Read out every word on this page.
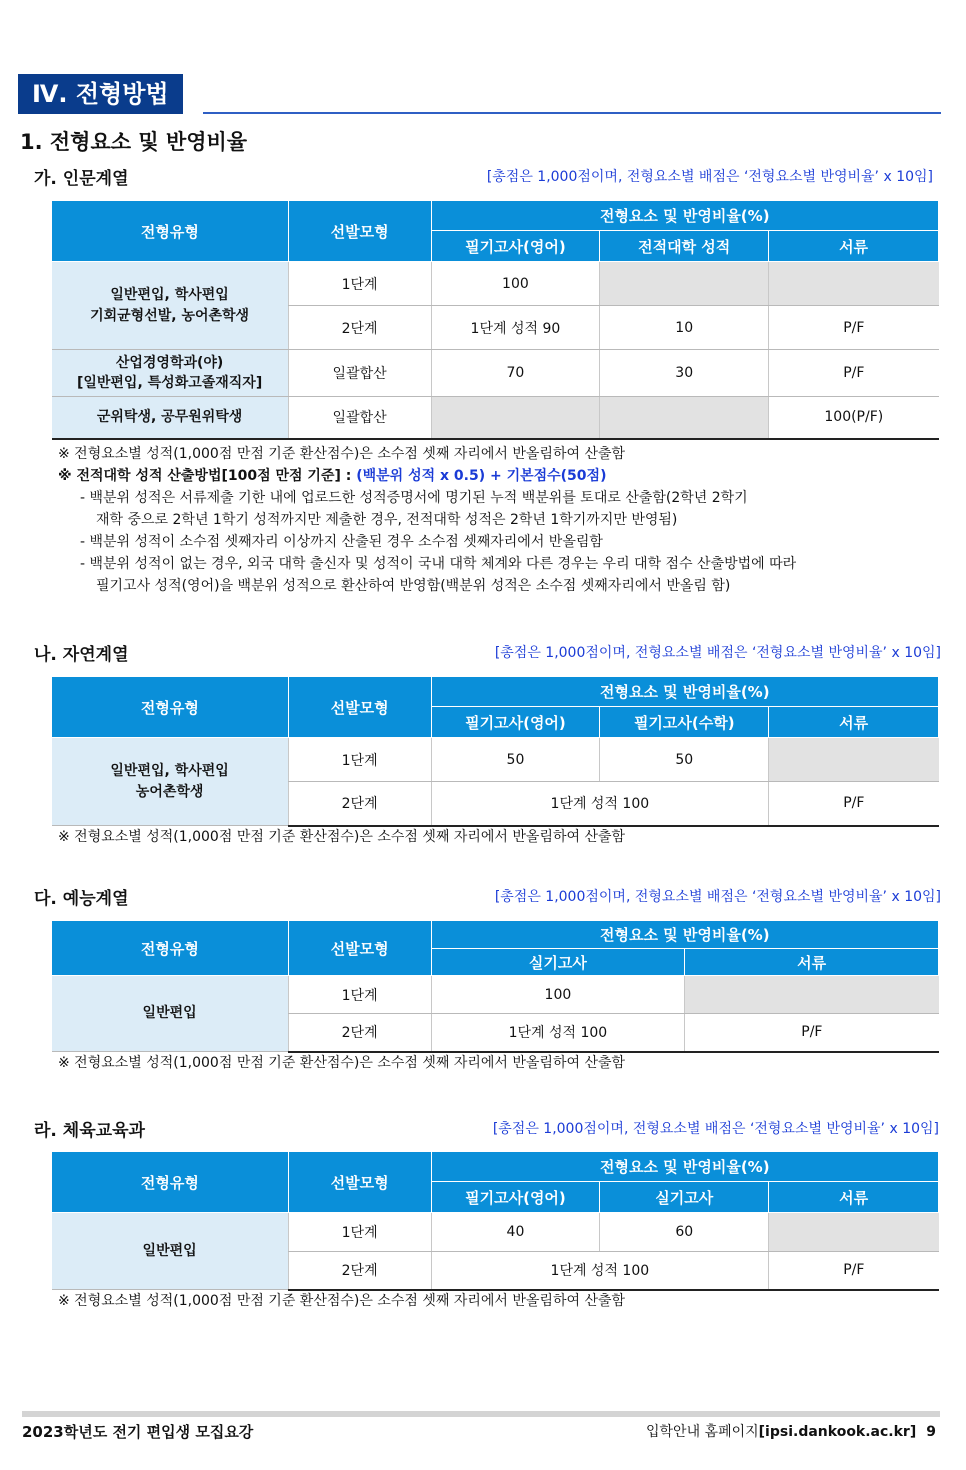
Ⅳ. 전형방법
1. 전형요소 및 반영비율
가. 인문계열	[총점은 1,000점이며, 전형요소별 배점은 ‘전형요소별 반영비율’ x 10임]
전형유형	선발모형	전형요소 및 반영비율(%)		
		필기고사(영어)	전적대학 성적	서류
일반편입, 학사편입
기회균형선발, 농어촌학생	1단계	100		
	2단계	1단계 성적 90	10	P/F
산업경영학과(야)
[일반편입, 특성화고졸재직자]	일괄합산	70	30	P/F
군위탁생, 공무원위탁생	일괄합산			100(P/F)
※ 전형요소별 성적(1,000점 만점 기준 환산점수)은 소수점 셋째 자리에서 반올림하여 산출함
※ 전적대학 성적 산출방법[100점 만점 기준] : (백분위 성적 x 0.5) + 기본점수(50점)
- 백분위 성적은 서류제출 기한 내에 업로드한 성적증명서에 명기된 누적 백분위를 토대로 산출함(2학년 2학기
재학 중으로 2학년 1학기 성적까지만 제출한 경우, 전적대학 성적은 2학년 1학기까지만 반영됨)
- 백분위 성적이 소수점 셋째자리 이상까지 산출된 경우 소수점 셋째자리에서 반올림함
- 백분위 성적이 없는 경우, 외국 대학 출신자 및 성적이 국내 대학 체계와 다른 경우는 우리 대학 점수 산출방법에 따라
필기고사 성적(영어)을 백분위 성적으로 환산하여 반영함(백분위 성적은 소수점 셋째자리에서 반올림 함)
나. 자연계열	[총점은 1,000점이며, 전형요소별 배점은 ‘전형요소별 반영비율’ x 10임]
전형유형	선발모형	전형요소 및 반영비율(%)		
		필기고사(영어)	필기고사(수학)	서류
일반편입, 학사편입
농어촌학생	1단계	50	50	
	2단계	1단계 성적 100		P/F
※ 전형요소별 성적(1,000점 만점 기준 환산점수)은 소수점 셋째 자리에서 반올림하여 산출함
다. 예능계열	[총점은 1,000점이며, 전형요소별 배점은 ‘전형요소별 반영비율’ x 10임]
전형유형	선발모형	전형요소 및 반영비율(%)	
		실기고사	서류
일반편입	1단계	100	
	2단계	1단계 성적 100	P/F
※ 전형요소별 성적(1,000점 만점 기준 환산점수)은 소수점 셋째 자리에서 반올림하여 산출함
라. 체육교육과	[총점은 1,000점이며, 전형요소별 배점은 ‘전형요소별 반영비율’ x 10임]
전형유형	선발모형	전형요소 및 반영비율(%)		
		필기고사(영어)	실기고사	서류
일반편입	1단계	40	60	
	2단계	1단계 성적 100		P/F
※ 전형요소별 성적(1,000점 만점 기준 환산점수)은 소수점 셋째 자리에서 반올림하여 산출함
2023학년도 전기 편입생 모집요강	입학안내 홈페이지[ipsi.dankook.ac.kr] 9
